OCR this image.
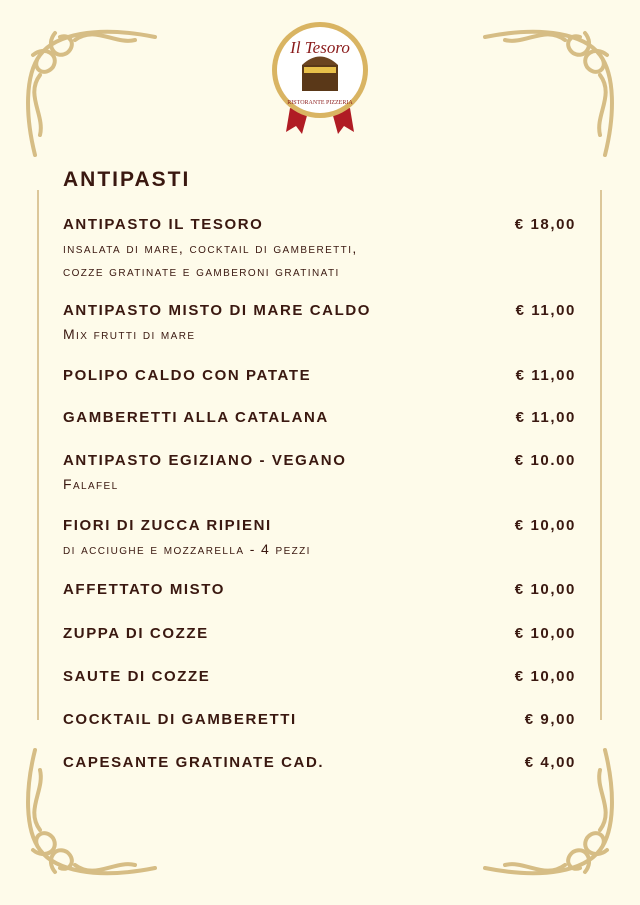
Il Tesoro
RISTORANTE PIZZERIA
ANTIPASTI
ANTIPASTO IL TESORO	€ 18,00
insalata di mare, cocktail di gamberetti,
cozze gratinate e gamberoni gratinati
ANTIPASTO MISTO DI MARE CALDO	€ 11,00
Mix frutti di mare
POLIPO CALDO CON PATATE	€ 11,00
GAMBERETTI ALLA CATALANA	€ 11,00
ANTIPASTO EGIZIANO - VEGANO	€ 10.00
Falafel
FIORI DI ZUCCA RIPIENI	€ 10,00
di acciughe e mozzarella - 4 pezzi
AFFETTATO MISTO	€ 10,00
ZUPPA DI COZZE	€ 10,00
SAUTE DI COZZE	€ 10,00
COCKTAIL DI GAMBERETTI	€ 9,00
CAPESANTE GRATINATE CAD.	€ 4,00
